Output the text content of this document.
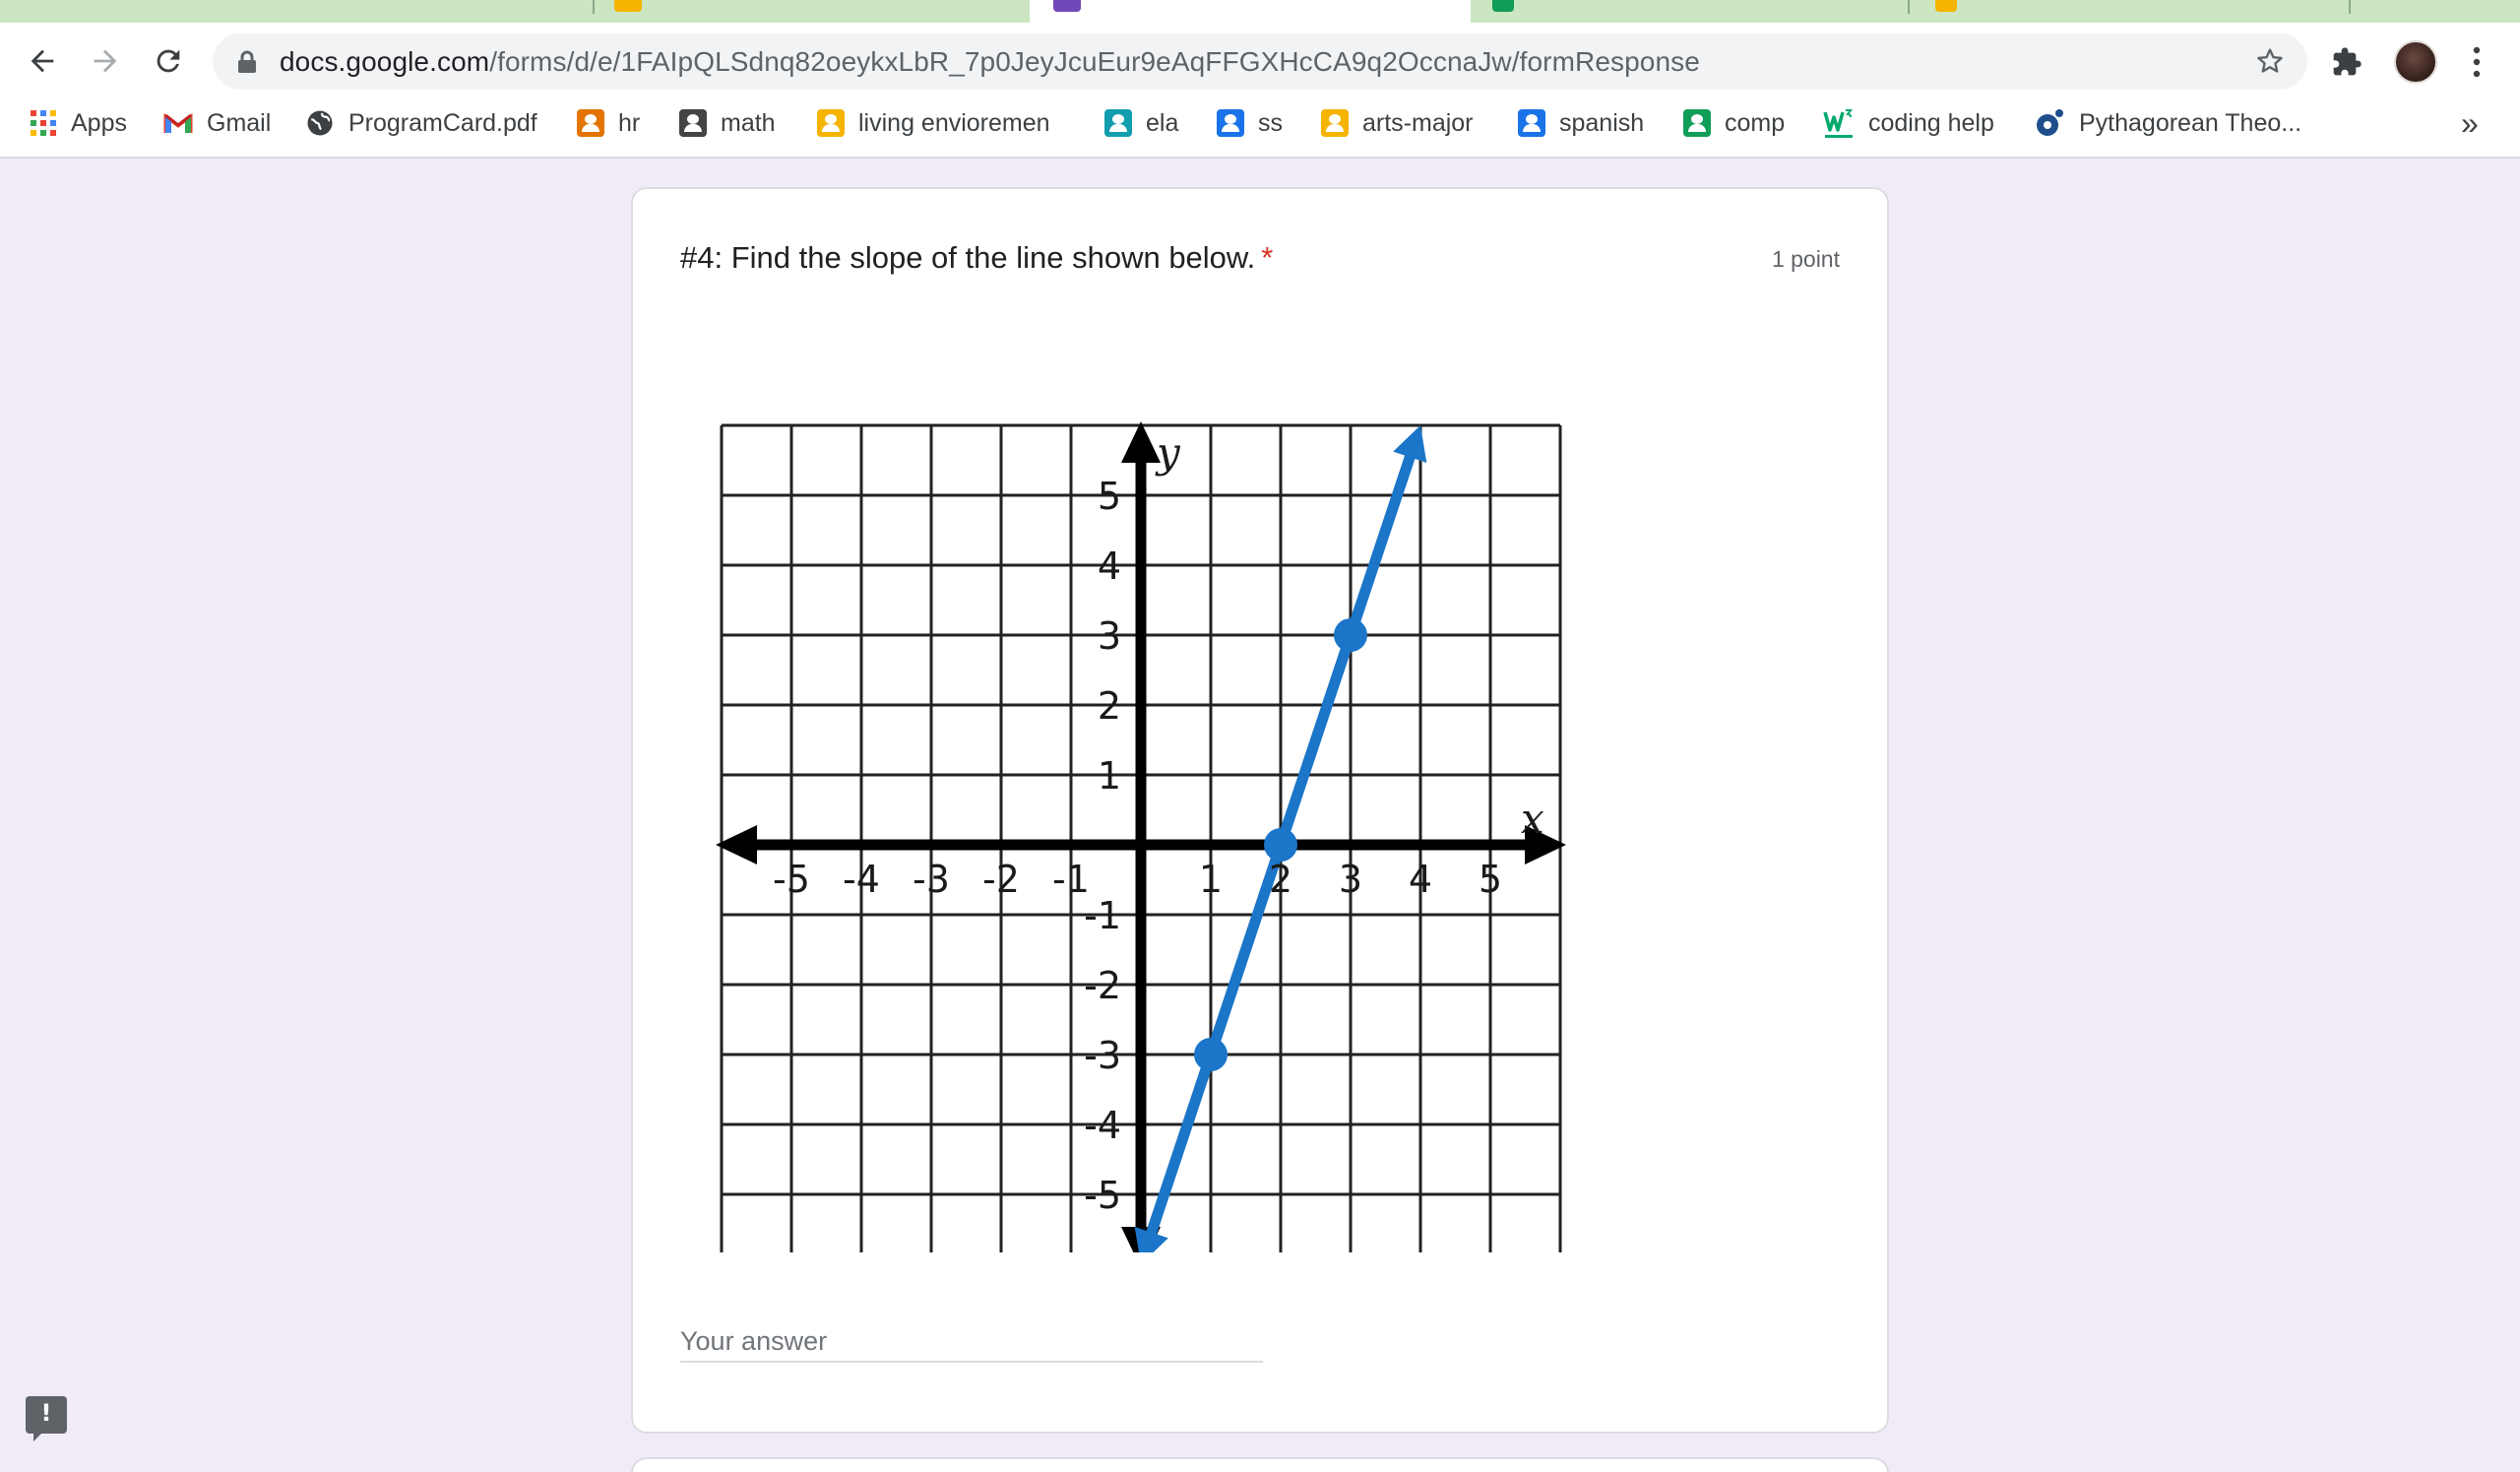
docs.google.com/forms/d/e/1FAIpQLSdnq82oeykxLbR_7p0JeyJcuEur9eAqFFGXHcCA9q2OccnaJw/formResponse
Apps	Gmail	ProgramCard.pdf	hr	math	living envioremen	ela	ss	arts-major	spanish	comp	coding help	Pythagorean Theo...	»
#4: Find the slope of the line shown below. *	1 point
-5 -4 -3 -2 -1	1 2 3 4 5
-5
-4
-3
-2
-1
1
2
3
4
5
y
x
Your answer
!
